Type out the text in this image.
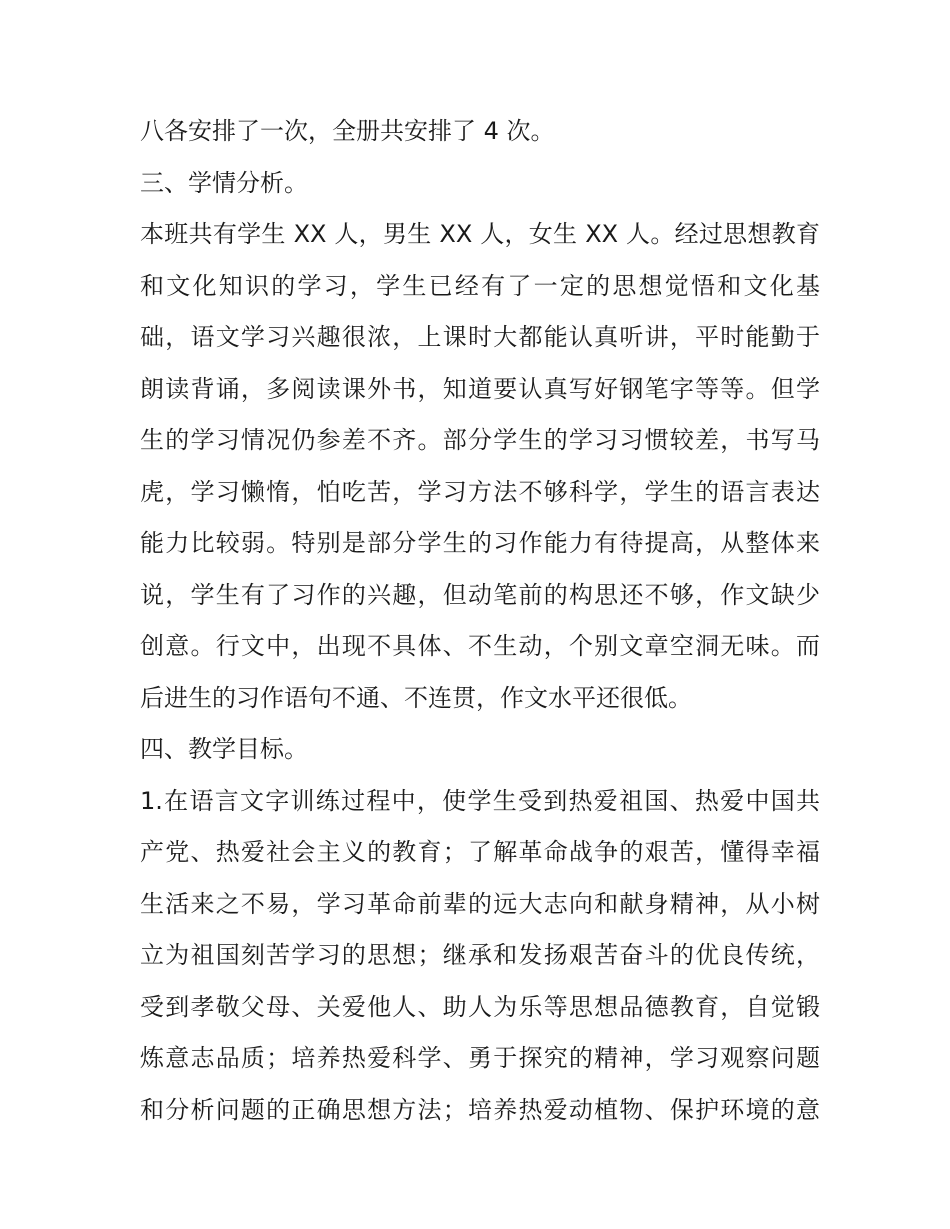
八各安排了一次，全册共安排了 4 次。
三、学情分析。
本班共有学生 XX 人，男生 XX 人，女生 XX 人。经过思想教育
和文化知识的学习，学生已经有了一定的思想觉悟和文化基
础，语文学习兴趣很浓，上课时大都能认真听讲，平时能勤于
朗读背诵，多阅读课外书，知道要认真写好钢笔字等等。但学
生的学习情况仍参差不齐。部分学生的学习习惯较差，书写马
虎，学习懒惰，怕吃苦，学习方法不够科学，学生的语言表达
能力比较弱。特别是部分学生的习作能力有待提高，从整体来
说，学生有了习作的兴趣，但动笔前的构思还不够，作文缺少
创意。行文中，出现不具体、不生动，个别文章空洞无味。而
后进生的习作语句不通、不连贯，作文水平还很低。
四、教学目标。
1.在语言文字训练过程中，使学生受到热爱祖国、热爱中国共
产党、热爱社会主义的教育；了解革命战争的艰苦，懂得幸福
生活来之不易，学习革命前辈的远大志向和献身精神，从小树
立为祖国刻苦学习的思想；继承和发扬艰苦奋斗的优良传统，
受到孝敬父母、关爱他人、助人为乐等思想品德教育，自觉锻
炼意志品质；培养热爱科学、勇于探究的精神，学习观察问题
和分析问题的正确思想方法；培养热爱动植物、保护环境的意
